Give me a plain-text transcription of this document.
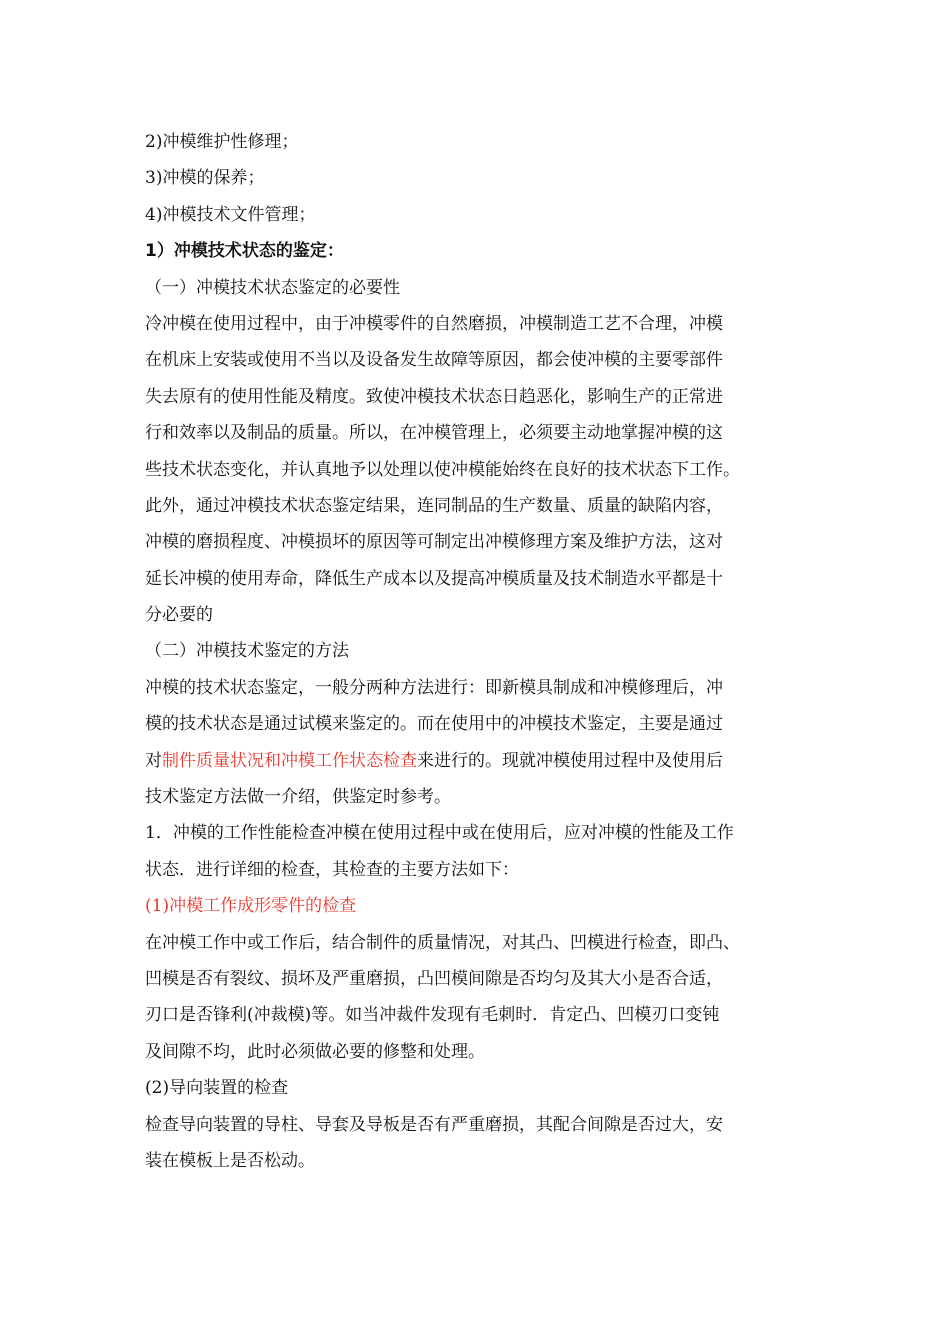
2)冲模维护性修理；
3)冲模的保养；
4)冲模技术文件管理；
1）冲模技术状态的鉴定：
（一）冲模技术状态鉴定的必要性
冷冲模在使用过程中，由于冲模零件的自然磨损，冲模制造工艺不合理，冲模
在机床上安装或使用不当以及设备发生故障等原因，都会使冲模的主要零部件
失去原有的使用性能及精度。致使冲模技术状态日趋恶化，影响生产的正常进
行和效率以及制品的质量。所以，在冲模管理上，必须要主动地掌握冲模的这
些技术状态变化，并认真地予以处理以使冲模能始终在良好的技术状态下工作。
此外，通过冲模技术状态鉴定结果，连同制品的生产数量、质量的缺陷内容，
冲模的磨损程度、冲模损坏的原因等可制定出冲模修理方案及维护方法，这对
延长冲模的使用寿命，降低生产成本以及提高冲模质量及技术制造水平都是十
分必要的
（二）冲模技术鉴定的方法
冲模的技术状态鉴定，一般分两种方法进行：即新模具制成和冲模修理后，冲
模的技术状态是通过试模来鉴定的。而在使用中的冲模技术鉴定，主要是通过
对制件质量状况和冲模工作状态检查来进行的。现就冲模使用过程中及使用后
技术鉴定方法做一介绍，供鉴定时参考。
1．冲模的工作性能检查冲模在使用过程中或在使用后，应对冲模的性能及工作
状态．进行详细的检查，其检查的主要方法如下：
(1)冲模工作成形零件的检查
在冲模工作中或工作后，结合制件的质量情况，对其凸、凹模进行检查，即凸、
凹模是否有裂纹、损坏及严重磨损，凸凹模间隙是否均匀及其大小是否合适，
刃口是否锋利(冲裁模)等。如当冲裁件发现有毛刺时．肯定凸、凹模刃口变钝
及间隙不均，此时必须做必要的修整和处理。
(2)导向装置的检查
检查导向装置的导柱、导套及导板是否有严重磨损，其配合间隙是否过大，安
装在模板上是否松动。
